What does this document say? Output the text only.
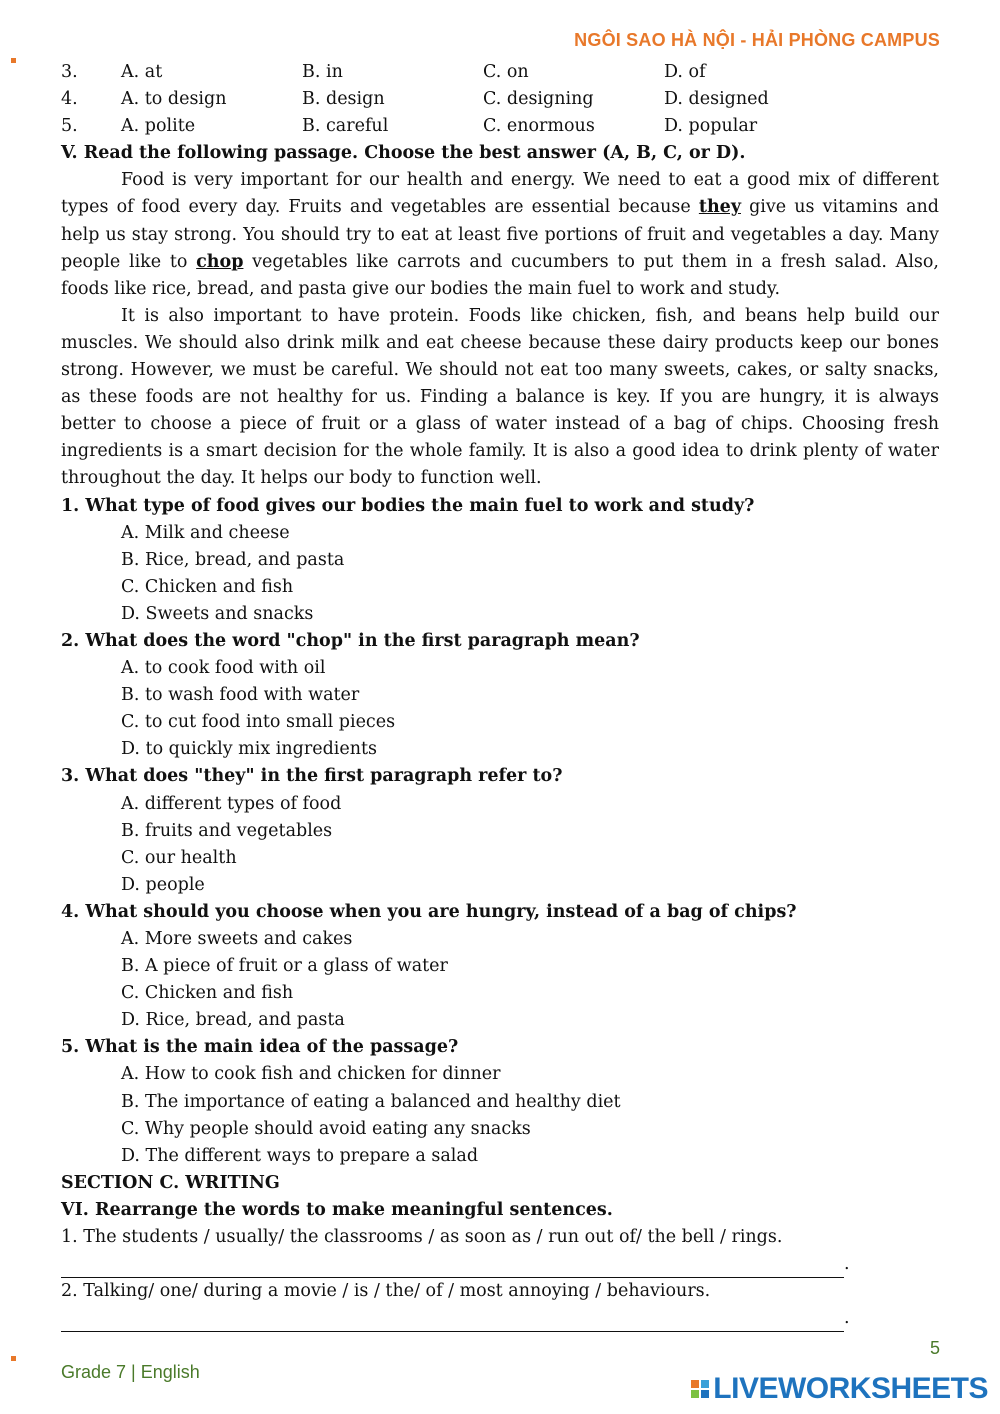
NGÔI SAO HÀ NỘI - HẢI PHÒNG CAMPUS
3.	A. at	B. in	C. on	D. of
4.	A. to design	B. design	C. designing	D. designed
5.	A. polite	B. careful	C. enormous	D. popular
V. Read the following passage. Choose the best answer (A, B, C, or D).

Food is very important for our health and energy. We need to eat a good mix of different types of food every day. Fruits and vegetables are essential because they give us vitamins and help us stay strong. You should try to eat at least five portions of fruit and vegetables a day. Many people like to chop vegetables like carrots and cucumbers to put them in a fresh salad. Also, foods like rice, bread, and pasta give our bodies the main fuel to work and study.

It is also important to have protein. Foods like chicken, fish, and beans help build our muscles. We should also drink milk and eat cheese because these dairy products keep our bones strong. However, we must be careful. We should not eat too many sweets, cakes, or salty snacks, as these foods are not healthy for us. Finding a balance is key. If you are hungry, it is always better to choose a piece of fruit or a glass of water instead of a bag of chips. Choosing fresh ingredients is a smart decision for the whole family. It is also a good idea to drink plenty of water throughout the day. It helps our body to function well.

1. What type of food gives our bodies the main fuel to work and study?
A. Milk and cheese
B. Rice, bread, and pasta
C. Chicken and fish
D. Sweets and snacks
2. What does the word "chop" in the first paragraph mean?
A. to cook food with oil
B. to wash food with water
C. to cut food into small pieces
D. to quickly mix ingredients
3. What does "they" in the first paragraph refer to?
A. different types of food
B. fruits and vegetables
C. our health
D. people
4. What should you choose when you are hungry, instead of a bag of chips?
A. More sweets and cakes
B. A piece of fruit or a glass of water
C. Chicken and fish
D. Rice, bread, and pasta
5. What is the main idea of the passage?
A. How to cook fish and chicken for dinner
B. The importance of eating a balanced and healthy diet
C. Why people should avoid eating any snacks
D. The different ways to prepare a salad
SECTION C. WRITING
VI. Rearrange the words to make meaningful sentences.
1. The students / usually/ the classrooms / as soon as / run out of/ the bell / rings.
.
2. Talking/ one/ during a movie / is / the/ of / most annoying / behaviours.
.
5
Grade 7 | English	LIVEWORKSHEETS
